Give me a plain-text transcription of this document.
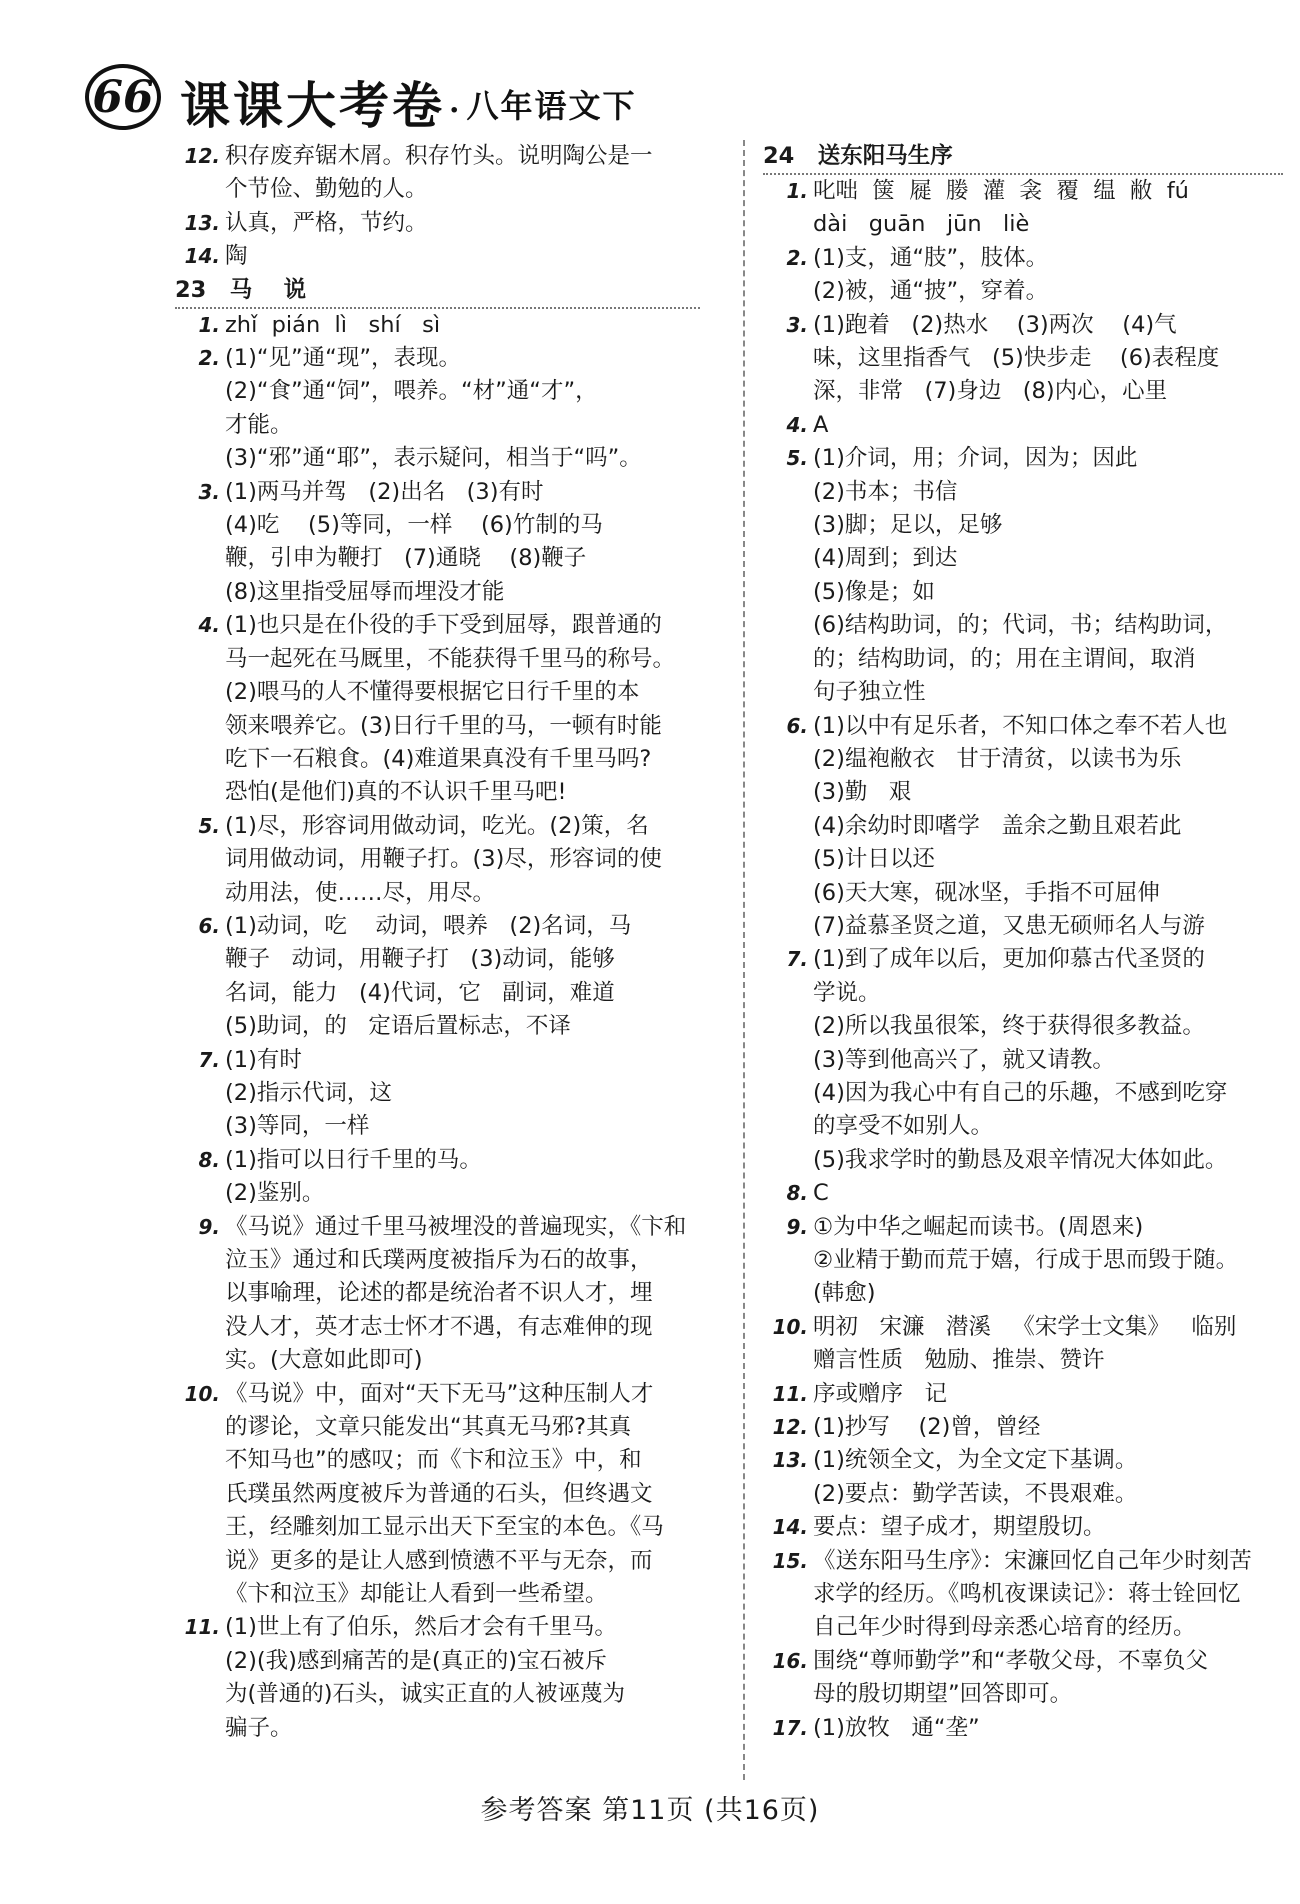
66 课课大考卷 · 八年语文下
12. 积存废弃锯木屑。积存竹头。说明陶公是一
个节俭、勤勉的人。
13. 认真，严格，节约。
14. 陶
23   马    说
1. zhǐ  pián  lì   shí   sì
2. (1)“见”通“现”，表现。
(2)“食”通“饲”，喂养。“材”通“才”，
才能。
(3)“邪”通“耶”，表示疑问，相当于“吗”。
3. (1)两马并驾   (2)出名   (3)有时
(4)吃    (5)等同，一样    (6)竹制的马
鞭，引申为鞭打   (7)通晓    (8)鞭子
(8)这里指受屈辱而埋没才能
4. (1)也只是在仆役的手下受到屈辱，跟普通的
马一起死在马厩里，不能获得千里马的称号。
(2)喂马的人不懂得要根据它日行千里的本
领来喂养它。(3)日行千里的马，一顿有时能
吃下一石粮食。(4)难道果真没有千里马吗?
恐怕(是他们)真的不认识千里马吧!
5. (1)尽，形容词用做动词，吃光。(2)策，名
词用做动词，用鞭子打。(3)尽，形容词的使
动用法，使……尽，用尽。
6. (1)动词，吃    动词，喂养   (2)名词，马
鞭子   动词，用鞭子打   (3)动词，能够
名词，能力   (4)代词，它   副词，难道
(5)助词，的   定语后置标志，不译
7. (1)有时
(2)指示代词，这
(3)等同，一样
8. (1)指可以日行千里的马。
(2)鉴别。
9. 《马说》通过千里马被埋没的普遍现实，《卞和
泣玉》通过和氏璞两度被指斥为石的故事，
以事喻理，论述的都是统治者不识人才，埋
没人才，英才志士怀才不遇，有志难伸的现
实。(大意如此即可)
10. 《马说》中，面对“天下无马”这种压制人才
的谬论，文章只能发出“其真无马邪?其真
不知马也”的感叹；而《卞和泣玉》中，和
氏璞虽然两度被斥为普通的石头，但终遇文
王，经雕刻加工显示出天下至宝的本色。《马
说》更多的是让人感到愤懑不平与无奈，而
《卞和泣玉》却能让人看到一些希望。
11. (1)世上有了伯乐，然后才会有千里马。
(2)(我)感到痛苦的是(真正的)宝石被斥
为(普通的)石头，诚实正直的人被诬蔑为
骗子。
24   送东阳马生序
1. 叱咄  箧  屣  媵  灌  衾  覆  缊  敝  fú
dài   guān   jūn   liè
2. (1)支，通“肢”，肢体。
(2)被，通“披”，穿着。
3. (1)跑着   (2)热水    (3)两次    (4)气
味，这里指香气   (5)快步走    (6)表程度
深，非常   (7)身边   (8)内心，心里
4. A
5. (1)介词，用；介词，因为；因此
(2)书本；书信
(3)脚；足以，足够
(4)周到；到达
(5)像是；如
(6)结构助词，的；代词，书；结构助词，
的；结构助词，的；用在主谓间，取消
句子独立性
6. (1)以中有足乐者，不知口体之奉不若人也
(2)缊袍敝衣   甘于清贫，以读书为乐
(3)勤   艰
(4)余幼时即嗜学   盖余之勤且艰若此
(5)计日以还
(6)天大寒，砚冰坚，手指不可屈伸
(7)益慕圣贤之道，又患无硕师名人与游
7. (1)到了成年以后，更加仰慕古代圣贤的
学说。
(2)所以我虽很笨，终于获得很多教益。
(3)等到他高兴了，就又请教。
(4)因为我心中有自己的乐趣，不感到吃穿
的享受不如别人。
(5)我求学时的勤恳及艰辛情况大体如此。
8. C
9. ①为中华之崛起而读书。(周恩来)
②业精于勤而荒于嬉，行成于思而毁于随。
(韩愈)
10. 明初   宋濂   潜溪   《宋学士文集》   临别
赠言性质   勉励、推崇、赞许
11. 序或赠序   记
12. (1)抄写    (2)曾，曾经
13. (1)统领全文，为全文定下基调。
(2)要点：勤学苦读，不畏艰难。
14. 要点：望子成才，期望殷切。
15. 《送东阳马生序》：宋濂回忆自己年少时刻苦
求学的经历。《鸣机夜课读记》：蒋士铨回忆
自己年少时得到母亲悉心培育的经历。
16. 围绕“尊师勤学”和“孝敬父母，不辜负父
母的殷切期望”回答即可。
17. (1)放牧   通“垄”
参考答案 第11页 (共16页)
